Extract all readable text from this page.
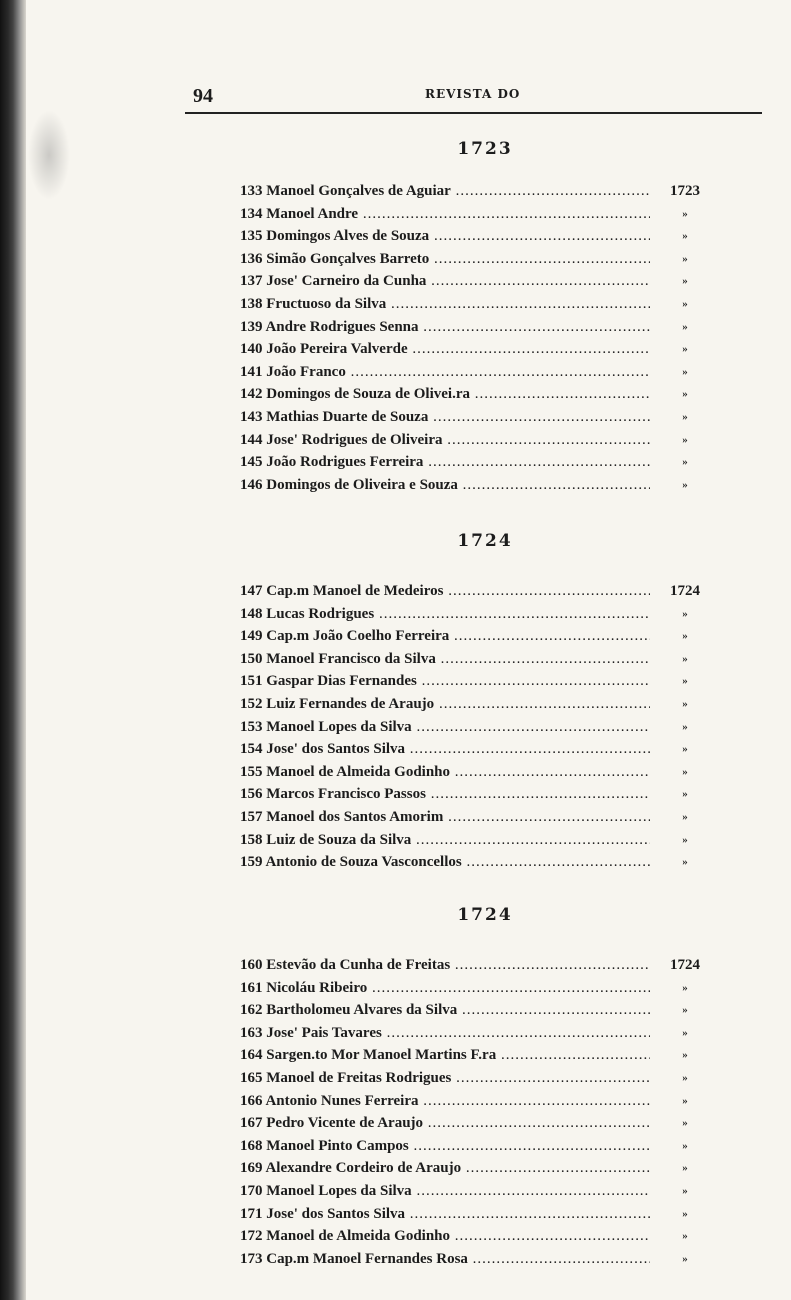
94	REVISTA DO
1723
133 Manoel Gonçalves de Aguiar .....	1723
134 Manoel Andre .....	»
135 Domingos Alves de Souza .....	»
136 Simão Gonçalves Barreto .....	»
137 Jose' Carneiro da Cunha .....	»
138 Fructuoso da Silva .....	»
139 Andre Rodrigues Senna .....	»
140 João Pereira Valverde .....	»
141 João Franco .....	»
142 Domingos de Souza de Olivei.ra .....	»
143 Mathias Duarte de Souza .....	»
144 Jose' Rodrigues de Oliveira .....	»
145 João Rodrigues Ferreira .....	»
146 Domingos de Oliveira e Souza .....	»
1724
147 Cap.m Manoel de Medeiros .....	1724
148 Lucas Rodrigues .....	»
149 Cap.m João Coelho Ferreira .....	»
150 Manoel Francisco da Silva .....	»
151 Gaspar Dias Fernandes .....	»
152 Luiz Fernandes de Araujo .....	»
153 Manoel Lopes da Silva .....	»
154 Jose' dos Santos Silva .....	»
155 Manoel de Almeida Godinho .....	»
156 Marcos Francisco Passos .....	»
157 Manoel dos Santos Amorim .....	»
158 Luiz de Souza da Silva .....	»
159 Antonio de Souza Vasconcellos .....	»
1724
160 Estevão da Cunha de Freitas .....	1724
161 Nicoláu Ribeiro .....	»
162 Bartholomeu Alvares da Silva .....	»
163 Jose' Pais Tavares .....	»
164 Sargen.to Mor Manoel Martins F.ra .....	»
165 Manoel de Freitas Rodrigues .....	»
166 Antonio Nunes Ferreira .....	»
167 Pedro Vicente de Araujo .....	»
168 Manoel Pinto Campos .....	»
169 Alexandre Cordeiro de Araujo .....	»
170 Manoel Lopes da Silva .....	»
171 Jose' dos Santos Silva .....	»
172 Manoel de Almeida Godinho .....	»
173 Cap.m Manoel Fernandes Rosa .....	»
